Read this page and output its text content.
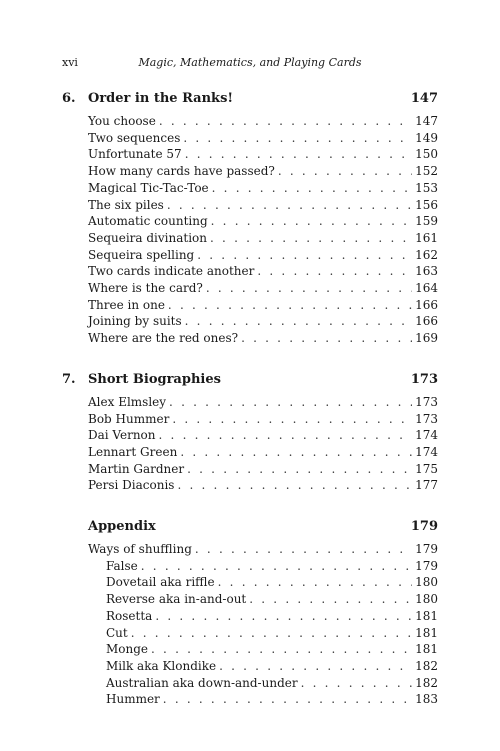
xvi	Magic, Mathematics, and Playing Cards
6. Order in the Ranks!	147
You choose . . .	147
Two sequences . . .	149
Unfortunate 57 . . .	150
How many cards have passed? . . .	152
Magical Tic-Tac-Toe . . .	153
The six piles . . .	156
Automatic counting . . .	159
Sequeira divination . . .	161
Sequeira spelling . . .	162
Two cards indicate another . . .	163
Where is the card? . . .	164
Three in one . . .	166
Joining by suits . . .	166
Where are the red ones? . . .	169
7. Short Biographies	173
Alex Elmsley . . .	173
Bob Hummer . . .	173
Dai Vernon . . .	174
Lennart Green . . .	174
Martin Gardner . . .	175
Persi Diaconis . . .	177
Appendix	179
Ways of shuffling . . .	179
False . . .	179
Dovetail aka riffle . . .	180
Reverse aka in-and-out . . .	180
Rosetta . . .	181
Cut . . .	181
Monge . . .	181
Milk aka Klondike . . .	182
Australian aka down-and-under . . .	182
Hummer . . .	183
